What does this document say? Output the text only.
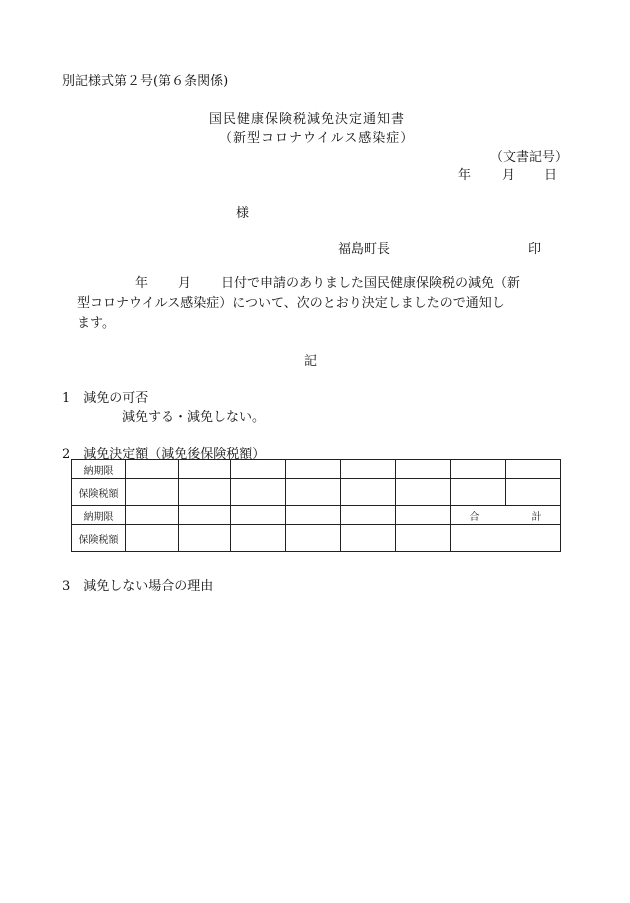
別記様式第２号(第６条関係)
国民健康保険税減免決定通知書
（新型コロナウイルス感染症）
（文書記号）
年 月 日
様
福島町長	印
年 月 日付で申請のありました国民健康保険税の減免（新
型コロナウイルス感染症）について、次のとおり決定しましたので通知し
ます。
記
1　減免の可否
減免する・減免しない。
2　減免決定額（減免後保険税額）
納期限								
保険税額								
納期限							合 計	
保険税額								
3　減免しない場合の理由
